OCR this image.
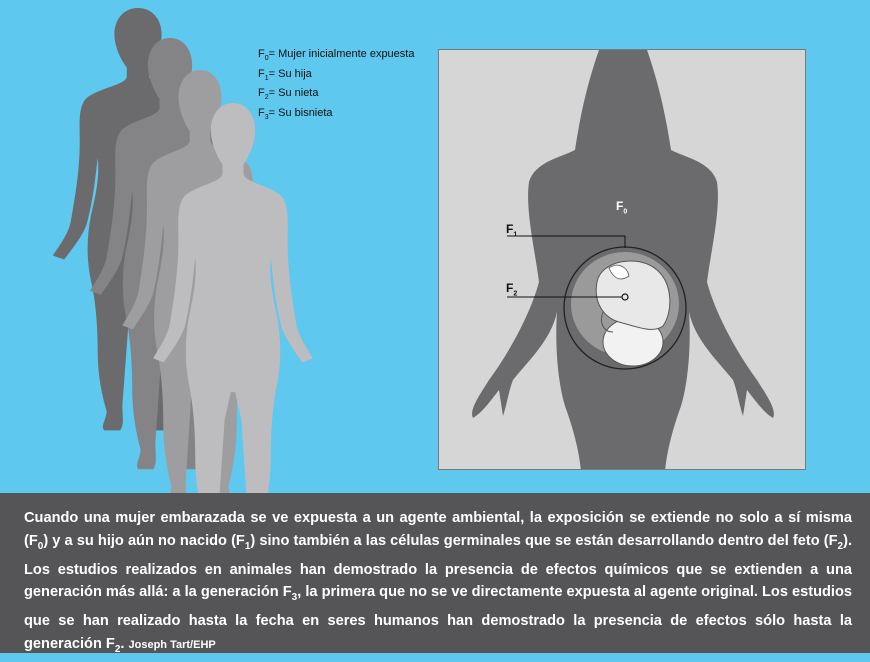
$F_0=$ Mujer inicialmente expuesta
$F_1= Su$ hija
$F_2= Su$ nieta
$F_3= Su$ bisnieta
$F_0$
$F_1$
$F_2$
Cuando una mujer embarazada se ve expuesta a un agente ambiental, la exposición se extiende no solo a sí misma $(F_0)$ y a su hijo aún no nacido $(F_1)$ sino también a las células germinales que se están desarrollando dentro del feto $(F_2)$. Los estudios realizados en animales han demostrado la presencia de efectos químicos que se extienden a una generación más allá: a la generación $F_3$, la primera que no se ve directamente expuesta al agente original. Los estudios que se han realizado hasta la fecha en seres humanos han demostrado la presencia de efectos sólo hasta la generación $F_2$. Joseph Tart/EHP
